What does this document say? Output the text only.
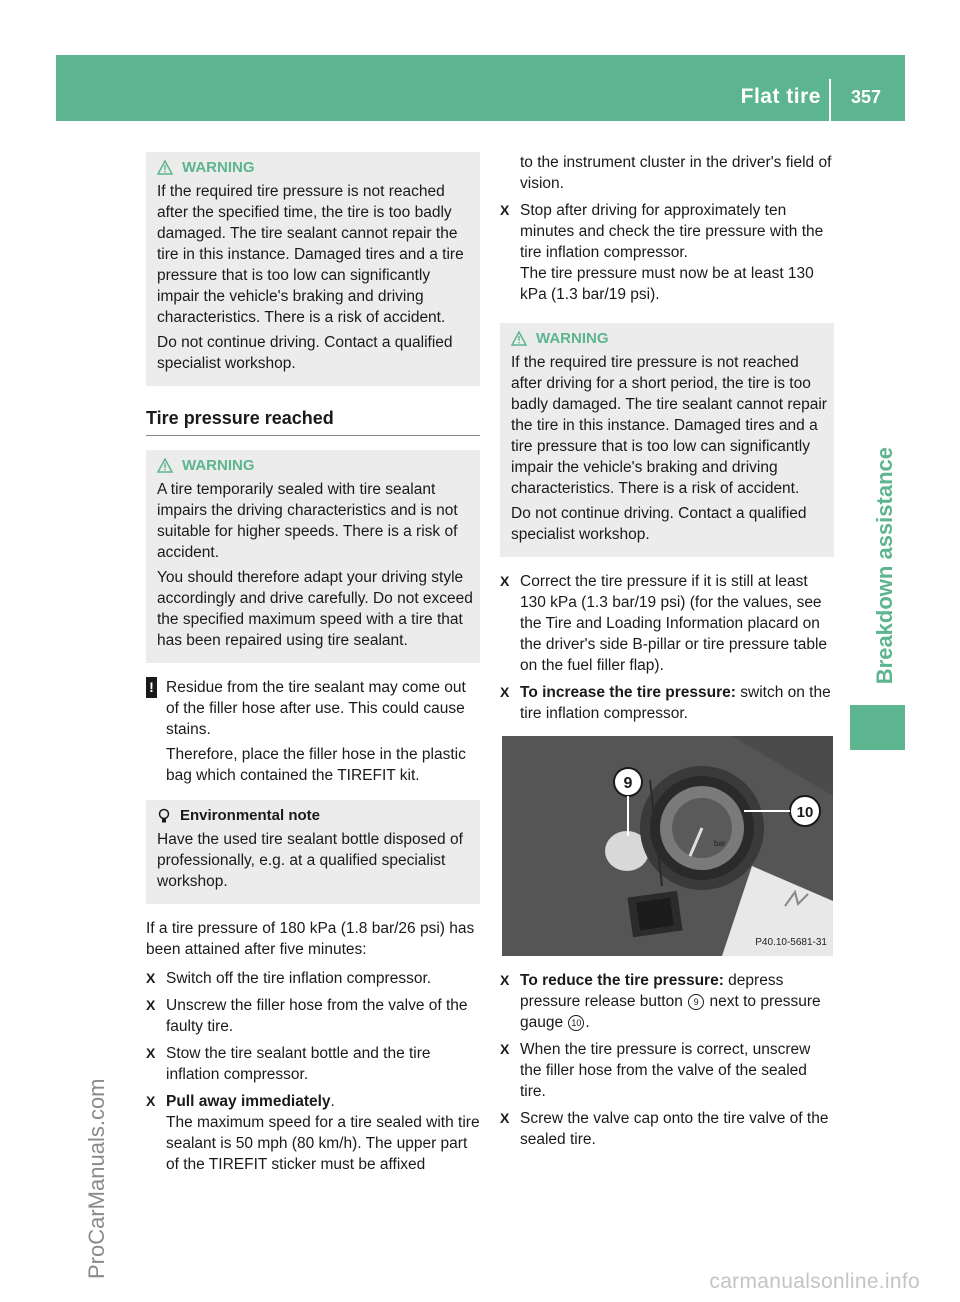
Flat tire 357
Breakdown assistance
ProCarManuals.com
carmanualsonline.info
WARNING

If the required tire pressure is not reached after the specified time, the tire is too badly damaged. The tire sealant cannot repair the tire in this instance. Damaged tires and a tire pressure that is too low can significantly impair the vehicle's braking and driving characteristics. There is a risk of accident.

Do not continue driving. Contact a qualified specialist workshop.

Tire pressure reached
WARNING

A tire temporarily sealed with tire sealant impairs the driving characteristics and is not suitable for higher speeds. There is a risk of accident.

You should therefore adapt your driving style accordingly and drive carefully. Do not exceed the specified maximum speed with a tire that has been repaired using tire sealant.

! Residue from the tire sealant may come out of the filler hose after use. This could cause stains.
Therefore, place the filler hose in the plastic bag which contained the TIREFIT kit.
Environmental note

Have the used tire sealant bottle disposed of professionally, e.g. at a qualified specialist workshop.

If a tire pressure of 180 kPa (1.8 bar/26 psi) has been attained after five minutes:

X Switch off the tire inflation compressor.
X Unscrew the filler hose from the valve of the faulty tire.
X Stow the tire sealant bottle and the tire inflation compressor.
X Pull away immediately.
The maximum speed for a tire sealed with tire sealant is 50 mph (80 km/h). The upper part of the TIREFIT sticker must be affixed
to the instrument cluster in the driver's field of vision.
X Stop after driving for approximately ten minutes and check the tire pressure with the tire inflation compressor.
The tire pressure must now be at least 130 kPa (1.3 bar/19 psi).
WARNING

If the required tire pressure is not reached after driving for a short period, the tire is too badly damaged. The tire sealant cannot repair the tire in this instance. Damaged tires and a tire pressure that is too low can significantly impair the vehicle's braking and driving characteristics. There is a risk of accident.

Do not continue driving. Contact a qualified specialist workshop.

X Correct the tire pressure if it is still at least 130 kPa (1.3 bar/19 psi) (for the values, see the Tire and Loading Information placard on the driver's side B-pillar or tire pressure table on the fuel filler flap).
X To increase the tire pressure: switch on the tire inflation compressor.
9
10
bar
P40.10-5681-31
X To reduce the tire pressure: depress pressure release button 9 next to pressure gauge 10 .
X When the tire pressure is correct, unscrew the filler hose from the valve of the sealed tire.
X Screw the valve cap onto the tire valve of the sealed tire.
